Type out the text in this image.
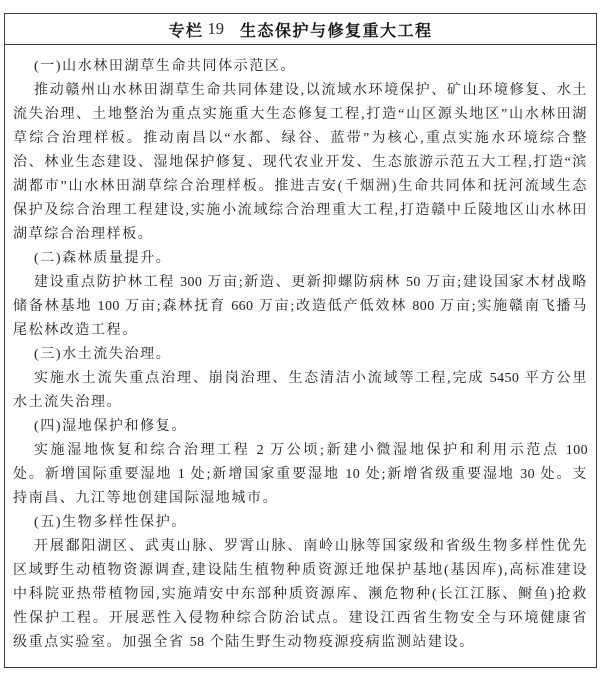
专栏 19 生态保护与修复重大工程
(一)山水林田湖草生命共同体示范区。
推动赣州山水林田湖草生命共同体建设,以流域水环境保护、矿山环境修复、水土流失治理、土地整治为重点实施重大生态修复工程,打造“山区源头地区”山水林田湖草综合治理样板。推动南昌以“水都、绿谷、蓝带”为核心,重点实施水环境综合整治、林业生态建设、湿地保护修复、现代农业开发、生态旅游示范五大工程,打造“滨湖都市”山水林田湖草综合治理样板。推进吉安(千烟洲)生命共同体和抚河流域生态保护及综合治理工程建设,实施小流域综合治理重大工程,打造赣中丘陵地区山水林田湖草综合治理样板。
(二)森林质量提升。
建设重点防护林工程 300 万亩;新造、更新抑螺防病林 50 万亩;建设国家木材战略储备林基地 100 万亩;森林抚育 660 万亩;改造低产低效林 800 万亩;实施赣南飞播马尾松林改造工程。
(三)水土流失治理。
实施水土流失重点治理、崩岗治理、生态清洁小流域等工程,完成 5450 平方公里水土流失治理。
(四)湿地保护和修复。
实施湿地恢复和综合治理工程 2 万公顷;新建小微湿地保护和利用示范点 100 处。新增国际重要湿地 1 处;新增国家重要湿地 10 处;新增省级重要湿地 30 处。支持南昌、九江等地创建国际湿地城市。
(五)生物多样性保护。
开展鄱阳湖区、武夷山脉、罗霄山脉、南岭山脉等国家级和省级生物多样性优先区域野生动植物资源调查,建设陆生植物种质资源迁地保护基地(基因库),高标准建设中科院亚热带植物园,实施靖安中东部种质资源库、濒危物种(长江江豚、鲥鱼)抢救性保护工程。开展恶性入侵物种综合防治试点。建设江西省生物安全与环境健康省级重点实验室。加强全省 58 个陆生野生动物疫源疫病监测站建设。
